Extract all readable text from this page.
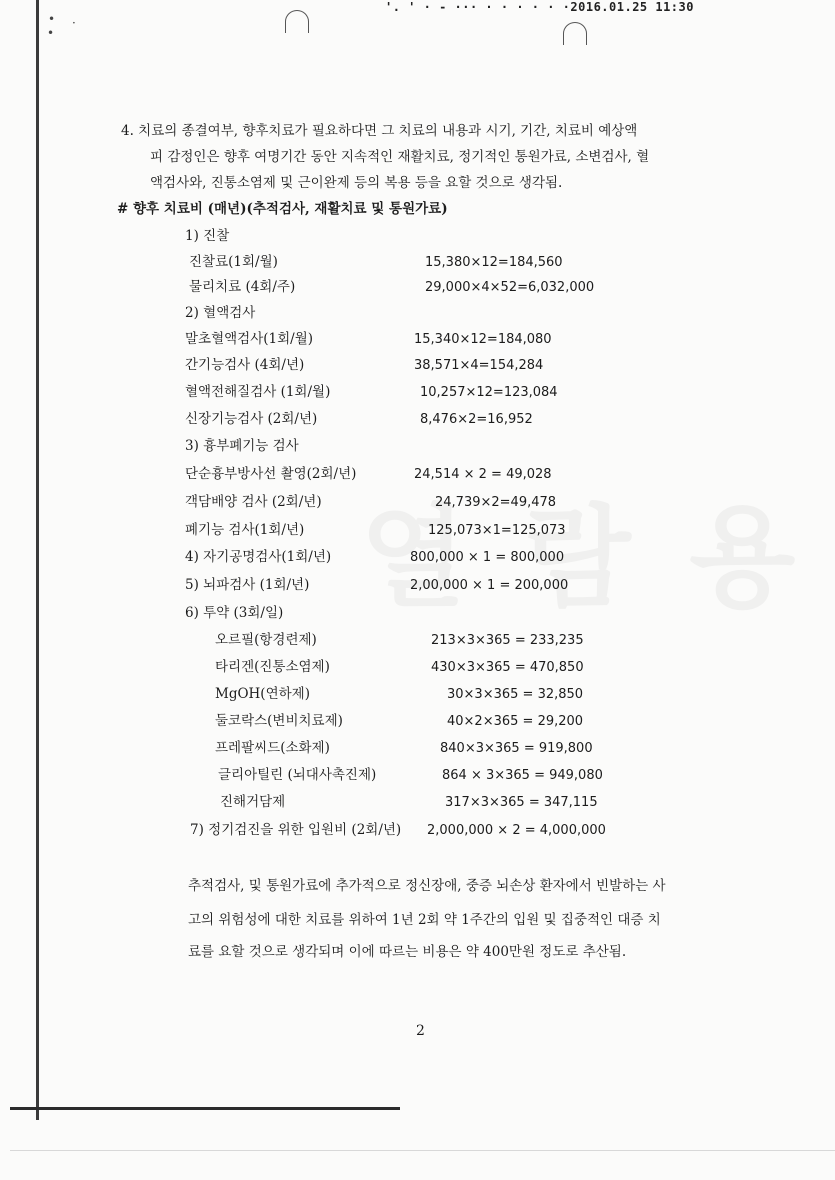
'. ' · - ··· · · · · · ·2016.01.25 11:30
•
•
·
4. 치료의 종결여부, 향후치료가 필요하다면 그 치료의 내용과 시기, 기간, 치료비 예상액
피 감정인은 향후 여명기간 동안 지속적인 재활치료, 정기적인 통원가료, 소변검사, 혈
액검사와, 진통소염제 및 근이완제 등의 복용 등을 요할 것으로 생각됨.
# 향후 치료비 (매년)(추적검사, 재활치료 및 통원가료)
1) 진찰
진찰료(1회/월)	15,380×12=184,560
물리치료 (4회/주)	29,000×4×52=6,032,000
2) 혈액검사
말초혈액검사(1회/월)	15,340×12=184,080
간기능검사 (4회/년)	38,571×4=154,284
혈액전해질검사 (1회/월)	10,257×12=123,084
신장기능검사 (2회/년)	8,476×2=16,952
3) 흉부폐기능 검사
단순흉부방사선 촬영(2회/년)	24,514 × 2 = 49,028
객담배양 검사 (2회/년)	24,739×2=49,478
폐기능 검사(1회/년)	125,073×1=125,073
4) 자기공명검사(1회/년)	800,000 × 1 = 800,000
5) 뇌파검사 (1회/년)	2,00,000 × 1 = 200,000
6) 투약 (3회/일)
오르필(항경련제)	213×3×365 = 233,235
타리겐(진통소염제)	430×3×365 = 470,850
MgOH(연하제)	30×3×365 = 32,850
둘코락스(변비치료제)	40×2×365 = 29,200
프레팔씨드(소화제)	840×3×365 = 919,800
글리아틸린 (뇌대사촉진제)	864 × 3×365 = 949,080
진해거담제	317×3×365 = 347,115
7) 정기검진을 위한 입원비 (2회/년) 2,000,000 × 2 = 4,000,000
추적검사, 및 통원가료에 추가적으로 정신장애, 중증 뇌손상 환자에서 빈발하는 사
고의 위험성에 대한 치료를 위하여 1년 2회 약 1주간의 입원 및 집중적인 대증 치
료를 요할 것으로 생각되며 이에 따르는 비용은 약 400만원 정도로 추산됨.
2
